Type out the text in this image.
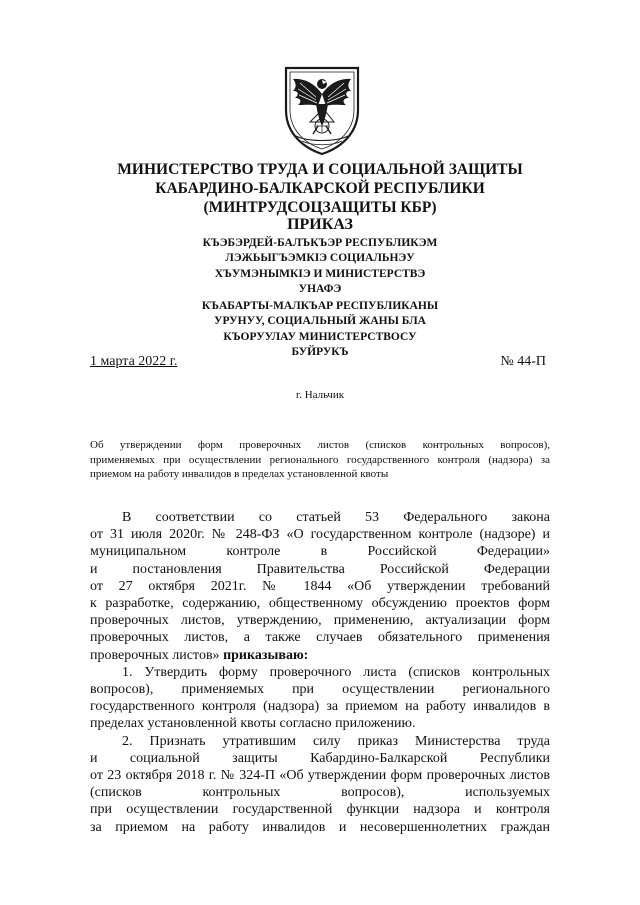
МИНИСТЕРСТВО ТРУДА И СОЦИАЛЬНОЙ ЗАЩИТЫ
КАБАРДИНО-БАЛКАРСКОЙ РЕСПУБЛИКИ
(МИНТРУДСОЦЗАЩИТЫ КБР)
ПРИКАЗ
КЪЭБЭРДЕЙ-БАЛЪКЪЭР РЕСПУБЛИКЭМ
ЛЭЖЬЫГЪЭМКІЭ СОЦИАЛЬНЭУ
ХЪУМЭНЫМКІЭ И МИНИСТЕРСТВЭ
УНАФЭ
КЪАБАРТЫ-МАЛКЪАР РЕСПУБЛИКАНЫ
УРУНУУ, СОЦИАЛЬНЫЙ ЖАНЫ БЛА
КЪОРУУЛАУ МИНИСТЕРСТВОСУ
БУЙРУКЪ
1 марта 2022 г.	№ 44-П
г. Нальчик
Об утверждении форм проверочных листов (списков контрольных вопросов),
применяемых при осуществлении регионального государственного контроля (надзора) за
приемом на работу инвалидов в пределах установленной квоты
В соответствии со статьей 53 Федерального закона
от 31 июля 2020г. № 248-ФЗ «О государственном контроле (надзоре) и
муниципальном контроле в Российской Федерации»
и постановления Правительства Российской Федерации
от 27 октября 2021г. № 1844 «Об утверждении требований
к разработке, содержанию, общественному обсуждению проектов форм
проверочных листов, утверждению, применению, актуализации форм
проверочных листов, а также случаев обязательного применения
проверочных листов» приказываю:
1. Утвердить форму проверочного листа (списков контрольных
вопросов), применяемых при осуществлении регионального
государственного контроля (надзора) за приемом на работу инвалидов в
пределах установленной квоты согласно приложению.
2. Признать утратившим силу приказ Министерства труда
и социальной защиты Кабардино-Балкарской Республики
от 23 октября 2018 г. № 324-П «Об утверждении форм проверочных листов
(списков контрольных вопросов), используемых
при осуществлении государственной функции надзора и контроля
за приемом на работу инвалидов и несовершеннолетних граждан
